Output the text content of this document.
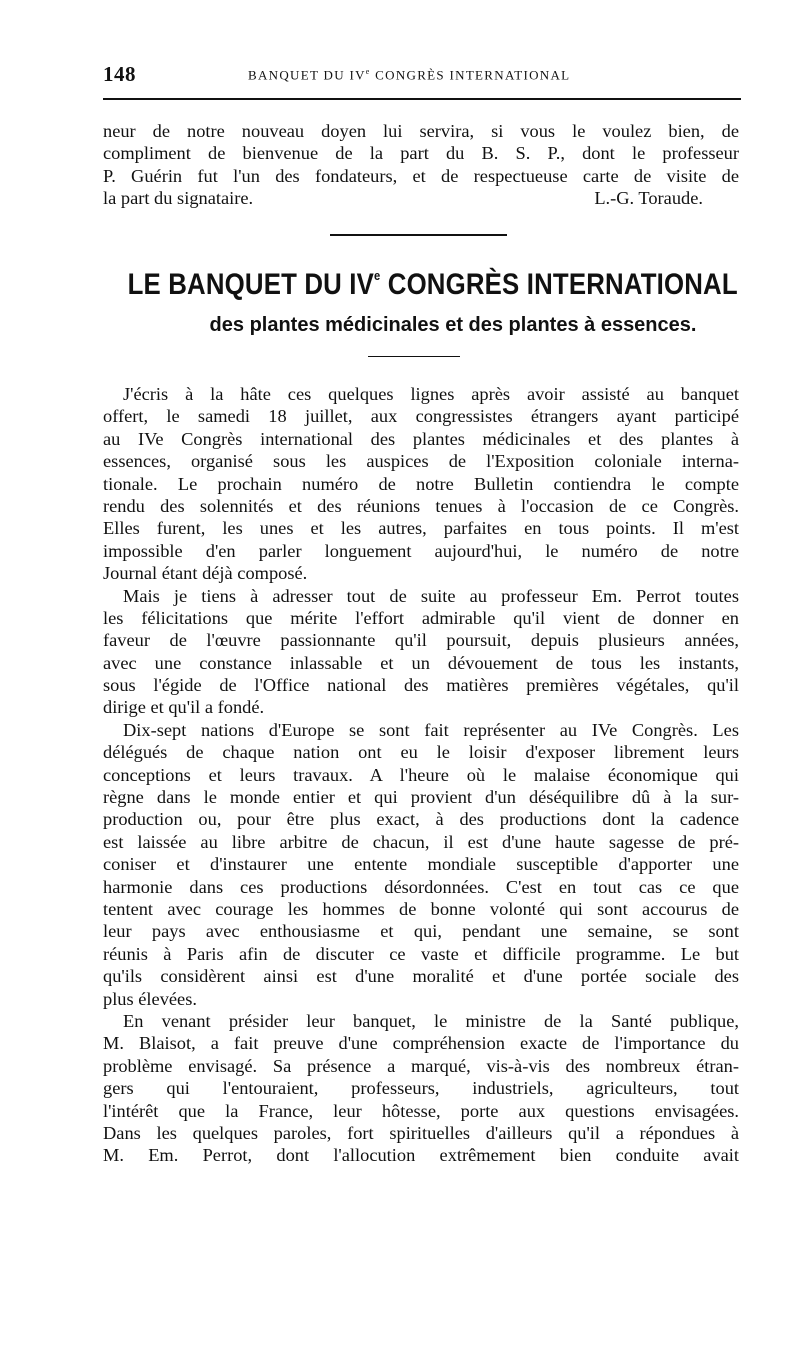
148	BANQUET DU IVe CONGRÈS INTERNATIONAL
neur de notre nouveau doyen lui servira, si vous le voulez bien, de
compliment de bienvenue de la part du B. S. P., dont le professeur
P. Guérin fut l'un des fondateurs, et de respectueuse carte de visite de
la part du signataire.	L.-G. Toraude.
LE BANQUET DU IVe CONGRÈS INTERNATIONAL
des plantes médicinales et des plantes à essences.
J'écris à la hâte ces quelques lignes après avoir assisté au banquet
offert, le samedi 18 juillet, aux congressistes étrangers ayant participé
au IVe Congrès international des plantes médicinales et des plantes à
essences, organisé sous les auspices de l'Exposition coloniale interna-
tionale. Le prochain numéro de notre Bulletin contiendra le compte
rendu des solennités et des réunions tenues à l'occasion de ce Congrès.
Elles furent, les unes et les autres, parfaites en tous points. Il m'est
impossible d'en parler longuement aujourd'hui, le numéro de notre
Journal étant déjà composé.
Mais je tiens à adresser tout de suite au professeur Em. Perrot toutes
les félicitations que mérite l'effort admirable qu'il vient de donner en
faveur de l'œuvre passionnante qu'il poursuit, depuis plusieurs années,
avec une constance inlassable et un dévouement de tous les instants,
sous l'égide de l'Office national des matières premières végétales, qu'il
dirige et qu'il a fondé.
Dix-sept nations d'Europe se sont fait représenter au IVe Congrès. Les
délégués de chaque nation ont eu le loisir d'exposer librement leurs
conceptions et leurs travaux. A l'heure où le malaise économique qui
règne dans le monde entier et qui provient d'un déséquilibre dû à la sur-
production ou, pour être plus exact, à des productions dont la cadence
est laissée au libre arbitre de chacun, il est d'une haute sagesse de pré-
coniser et d'instaurer une entente mondiale susceptible d'apporter une
harmonie dans ces productions désordonnées. C'est en tout cas ce que
tentent avec courage les hommes de bonne volonté qui sont accourus de
leur pays avec enthousiasme et qui, pendant une semaine, se sont
réunis à Paris afin de discuter ce vaste et difficile programme. Le but
qu'ils considèrent ainsi est d'une moralité et d'une portée sociale des
plus élevées.
En venant présider leur banquet, le ministre de la Santé publique,
M. Blaisot, a fait preuve d'une compréhension exacte de l'importance du
problème envisagé. Sa présence a marqué, vis-à-vis des nombreux étran-
gers qui l'entouraient, professeurs, industriels, agriculteurs, tout
l'intérêt que la France, leur hôtesse, porte aux questions envisagées.
Dans les quelques paroles, fort spirituelles d'ailleurs qu'il a répondues à
M. Em. Perrot, dont l'allocution extrêmement bien conduite avait
